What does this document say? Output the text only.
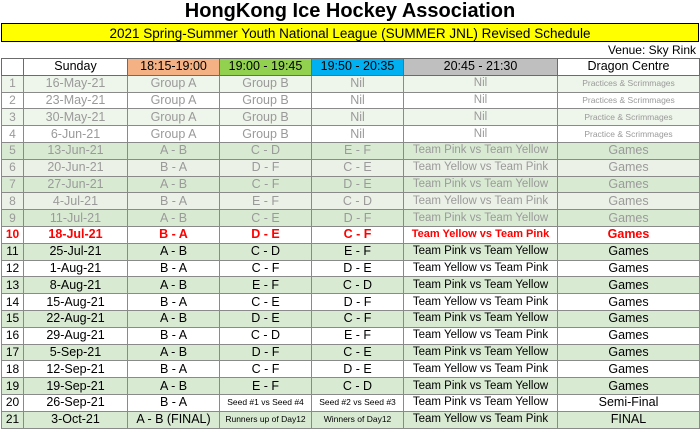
HongKong Ice Hockey Association
2021 Spring-Summer Youth National League (SUMMER JNL) Revised Schedule
Venue: Sky Rink
	Sunday	18:15-19:00	19:00 - 19:45	19:50 - 20:35	20:45 - 21:30	Dragon Centre
1	16-May-21	Group A	Group B	Nil	Nil	Practices & Scrimmages
2	23-May-21	Group A	Group B	Nil	Nil	Practices & Scrimmages
3	30-May-21	Group A	Group B	Nil	Nil	Practice & Scrimmages
4	6-Jun-21	Group A	Group B	Nil	Nil	Practice & Scrimmages
5	13-Jun-21	A - B	C - D	E - F	Team Pink vs Team Yellow	Games
6	20-Jun-21	B - A	D - F	C - E	Team Yellow vs Team Pink	Games
7	27-Jun-21	A - B	C - F	D - E	Team Pink vs Team Yellow	Games
8	4-Jul-21	B - A	E - F	C - D	Team Yellow vs Team Pink	Games
9	11-Jul-21	A - B	C - E	D - F	Team Pink vs Team Yellow	Games
10	18-Jul-21	B - A	D - E	C - F	Team Yellow vs Team Pink	Games
11	25-Jul-21	A - B	C - D	E - F	Team Pink vs Team Yellow	Games
12	1-Aug-21	B - A	C - F	D - E	Team Yellow vs Team Pink	Games
13	8-Aug-21	A - B	E - F	C - D	Team Pink vs Team Yellow	Games
14	15-Aug-21	B - A	C - E	D - F	Team Yellow vs Team Pink	Games
15	22-Aug-21	A - B	D - E	C - F	Team Pink vs Team Yellow	Games
16	29-Aug-21	B - A	C - D	E - F	Team Yellow vs Team Pink	Games
17	5-Sep-21	A - B	D - F	C - E	Team Pink vs Team Yellow	Games
18	12-Sep-21	B - A	C - F	D - E	Team Yellow vs Team Pink	Games
19	19-Sep-21	A - B	E - F	C - D	Team Pink vs Team Yellow	Games
20	26-Sep-21	B - A	Seed #1 vs Seed #4	Seed #2 vs Seed #3	Team Pink vs Team Yellow	Semi-Final
21	3-Oct-21	A - B (FINAL)	Runners up of Day12	Winners of Day12	Team Yellow vs Team Pink	FINAL
